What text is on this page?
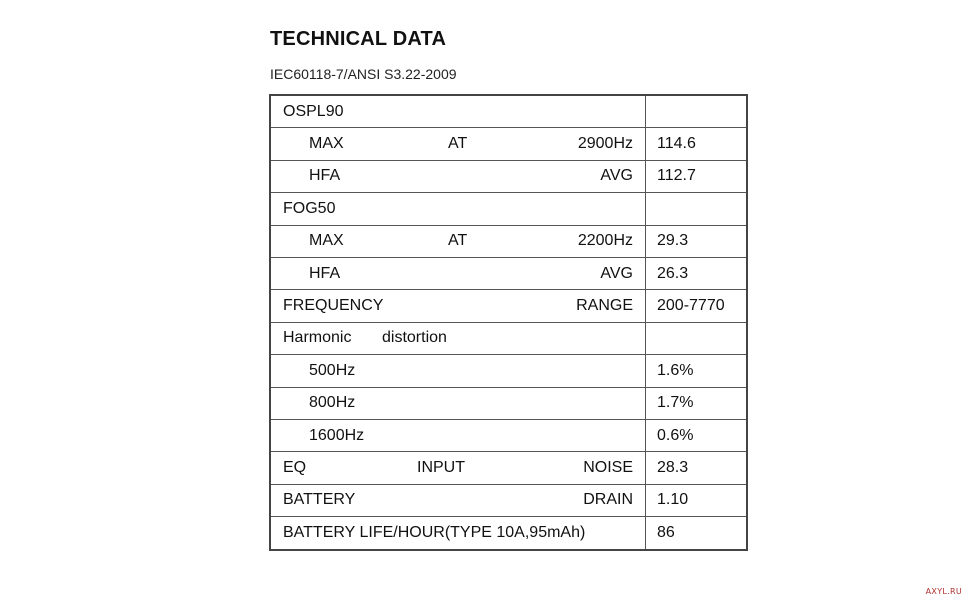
TECHNICAL DATA
IEC60118-7/ANSI S3.22-2009
OSPL90
MAX	AT	2900Hz 114.6
HFA	AVG 112.7
FOG50
MAX	AT	2200Hz 29.3
HFA	AVG 26.3
FREQUENCY	RANGE 200-7770
Harmonic distortion
500Hz	1.6%
800Hz	1.7%
1600Hz	0.6%
EQ	INPUT	NOISE 28.3
BATTERY	DRAIN 1.10
BATTERY LIFE/HOUR(TYPE 10A,95mAh)	86
AXYL.RU
